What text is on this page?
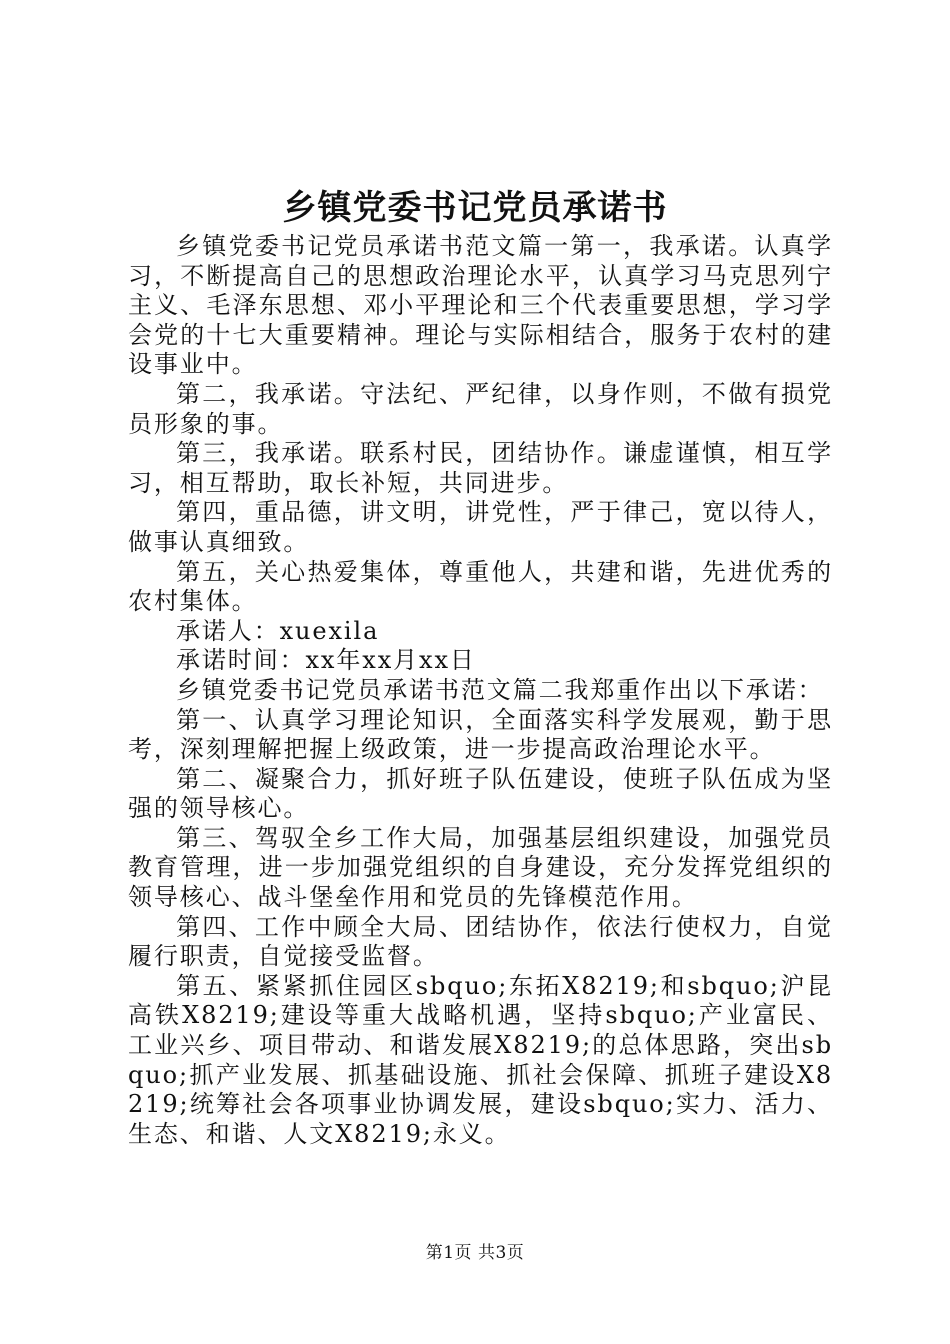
乡镇党委书记党员承诺书

乡镇党委书记党员承诺书范文篇一第一，我承诺。认真学习，不断提高自己的思想政治理论水平，认真学习马克思列宁主义、毛泽东思想、邓小平理论和三个代表重要思想，学习学会党的十七大重要精神。理论与实际相结合，服务于农村的建设事业中。

第二，我承诺。守法纪、严纪律，以身作则，不做有损党员形象的事。

第三，我承诺。联系村民，团结协作。谦虚谨慎，相互学习，相互帮助，取长补短，共同进步。

第四，重品德，讲文明，讲党性，严于律己，宽以待人，做事认真细致。

第五，关心热爱集体，尊重他人，共建和谐，先进优秀的农村集体。

承诺人：xuexila

承诺时间：xx年xx月xx日

乡镇党委书记党员承诺书范文篇二我郑重作出以下承诺：

第一、认真学习理论知识，全面落实科学发展观，勤于思考，深刻理解把握上级政策，进一步提高政治理论水平。

第二、凝聚合力，抓好班子队伍建设，使班子队伍成为坚强的领导核心。

第三、驾驭全乡工作大局，加强基层组织建设，加强党员教育管理，进一步加强党组织的自身建设，充分发挥党组织的领导核心、战斗堡垒作用和党员的先锋模范作用。

第四、工作中顾全大局、团结协作，依法行使权力，自觉履行职责，自觉接受监督。

第五、紧紧抓住园区sbquo;东拓X8219;和sbquo;沪昆高铁X8219;建设等重大战略机遇，坚持sbquo;产业富民、工业兴乡、项目带动、和谐发展X8219;的总体思路，突出sbquo;抓产业发展、抓基础设施、抓社会保障、抓班子建设X8219;统筹社会各项事业协调发展，建设sbquo;实力、活力、生态、和谐、人文X8219;永义。

第1页 共3页
